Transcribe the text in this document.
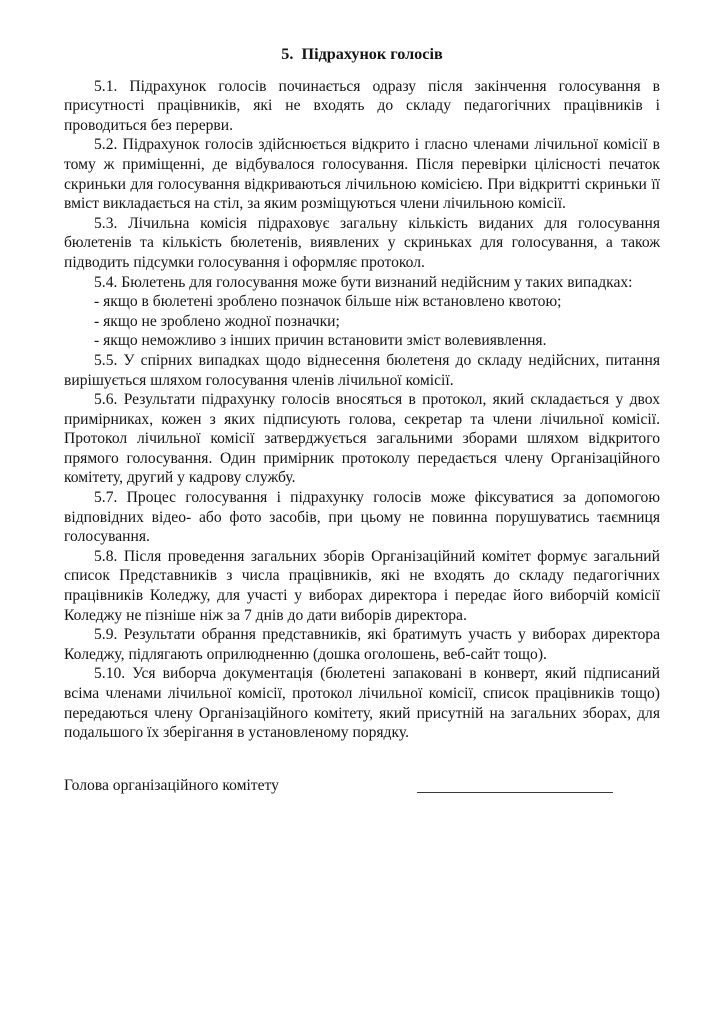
5.  Підрахунок голосів

5.1. Підрахунок голосів починається одразу після закінчення голосування в присутності працівників, які не входять до складу педагогічних працівників і проводиться без перерви.

5.2. Підрахунок голосів здійснюється відкрито і гласно членами лічильної комісії в тому ж приміщенні, де відбувалося голосування. Після перевірки цілісності печаток скриньки для голосування відкриваються лічильною комісією. При відкритті скриньки її вміст викладається на стіл, за яким розміщуються члени лічильною комісії.

5.3. Лічильна комісія підраховує загальну кількість виданих для голосування бюлетенів та кількість бюлетенів, виявлених у скриньках для голосування, а також підводить підсумки голосування і оформляє протокол.

5.4. Бюлетень для голосування може бути визнаний недійсним у таких випадках:

- якщо в бюлетені зроблено позначок більше ніж встановлено квотою;

- якщо не зроблено жодної позначки;

- якщо неможливо з інших причин встановити зміст волевиявлення.

5.5. У спірних випадках щодо віднесення бюлетеня до складу недійсних, питання вирішується шляхом голосування членів лічильної комісії.

5.6. Результати підрахунку голосів вносяться в протокол, який складається у двох примірниках, кожен з яких підписують голова, секретар та члени лічильної комісії. Протокол лічильної комісії затверджується загальними зборами шляхом відкритого прямого голосування. Один примірник протоколу передається члену Організаційного комітету, другий у кадрову службу.

5.7. Процес голосування і підрахунку голосів може фіксуватися за допомогою відповідних відео- або фото засобів, при цьому не повинна порушуватись таємниця голосування.

5.8. Після проведення загальних зборів Організаційний комітет формує загальний список Представників з числа працівників, які не входять до складу педагогічних працівників Коледжу, для участі у виборах директора і передає його виборчій комісії Коледжу не пізніше ніж за 7 днів до дати виборів директора.

5.9. Результати обрання представників, які братимуть участь у виборах директора Коледжу, підлягають оприлюдненню (дошка оголошень, веб-сайт тощо).

5.10. Уся виборча документація (бюлетені запаковані в конверт, який підписаний всіма членами лічильної комісії, протокол лічильної комісії, список працівників тощо) передаються члену Організаційного комітету, який присутній на загальних зборах, для подальшого їх зберігання в установленому порядку.

Голова організаційного комітету
